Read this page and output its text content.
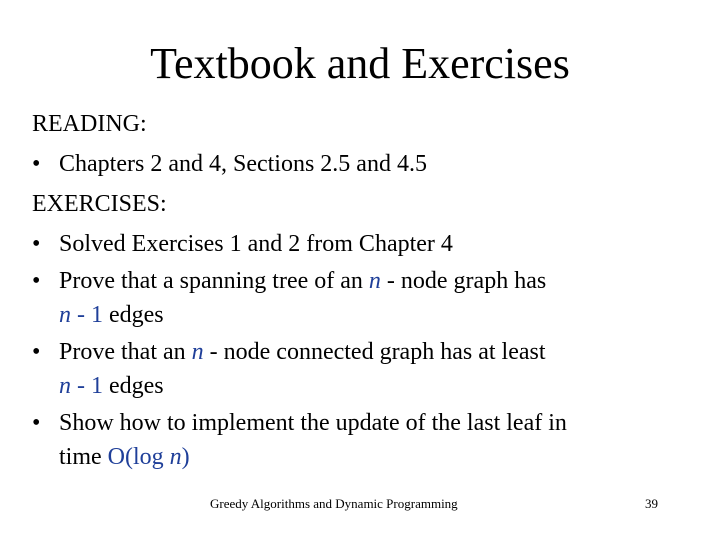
Textbook and Exercises
READING:
• Chapters 2 and 4, Sections 2.5 and 4.5
EXERCISES:
• Solved Exercises 1 and 2 from Chapter 4
• Prove that a spanning tree of an n - node graph has
n - 1 edges
• Prove that an n - node connected graph has at least
n - 1 edges
• Show how to implement the update of the last leaf in
time O(log n)
Greedy Algorithms and Dynamic Programming	39
